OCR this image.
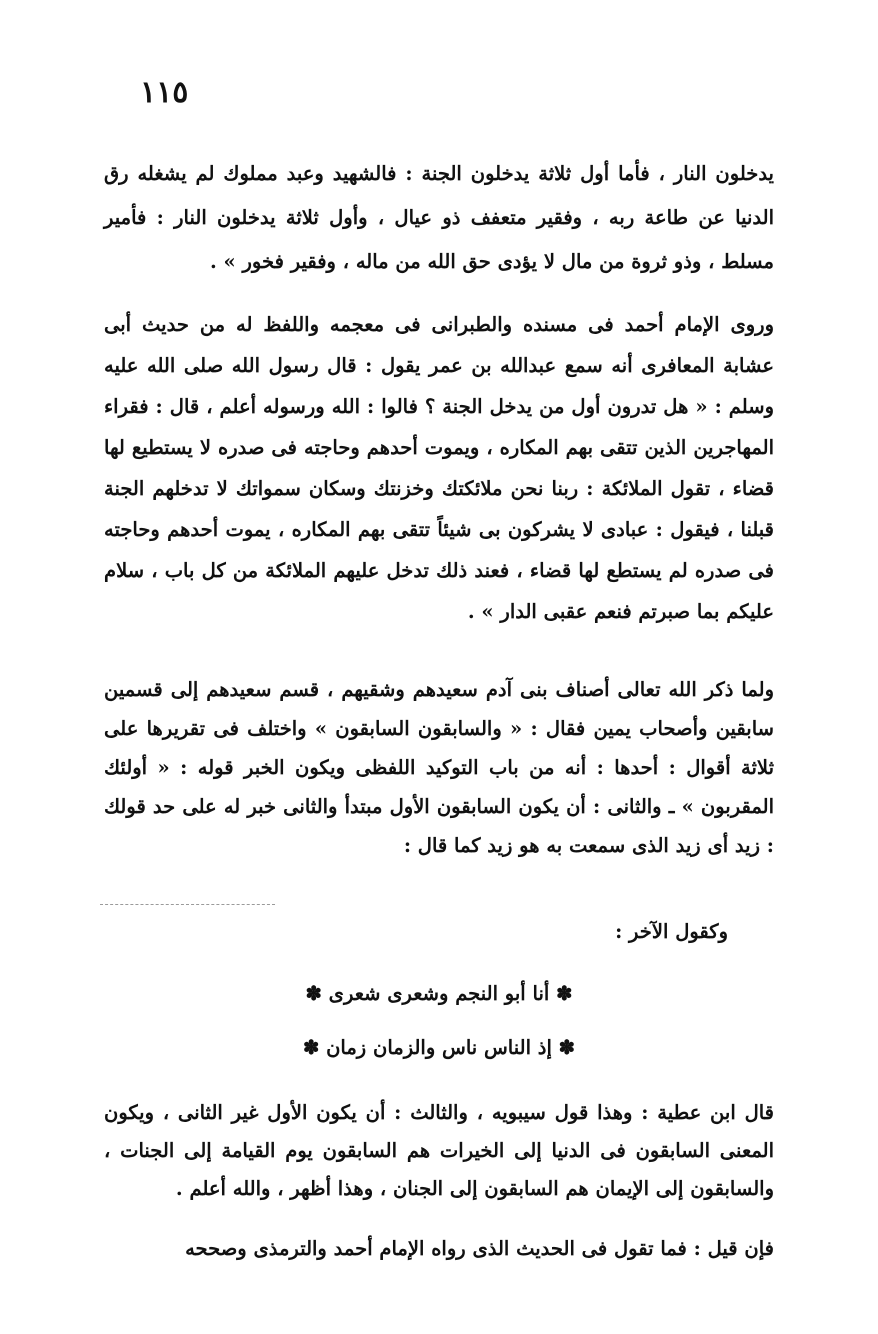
١١٥

يدخلون النار ، فأما أول ثلاثة يدخلون الجنة : فالشهيد وعبد مملوك لم يشغله رق الدنيا عن طاعة ربه ، وفقير متعفف ذو عيال ، وأول ثلاثة يدخلون النار : فأمير مسلط ، وذو ثروة من مال لا يؤدى حق الله من ماله ، وفقير فخور » .

وروى الإمام أحمد فى مسنده والطبرانى فى معجمه واللفظ له من حديث أبى عشابة المعافرى أنه سمع عبدالله بن عمر يقول : قال رسول الله صلى الله عليه وسلم : « هل تدرون أول من يدخل الجنة ؟ فالوا : الله ورسوله أعلم ، قال : فقراء المهاجرين الذين تتقى بهم المكاره ، ويموت أحدهم وحاجته فى صدره لا يستطيع لها قضاء ، تقول الملائكة : ربنا نحن ملائكتك وخزنتك وسكان سمواتك لا تدخلهم الجنة قبلنا ، فيقول : عبادى لا يشركون بى شيئاً تتقى بهم المكاره ، يموت أحدهم وحاجته فى صدره لم يستطع لها قضاء ، فعند ذلك تدخل عليهم الملائكة من كل باب ، سلام عليكم بما صبرتم فنعم عقبى الدار » .

ولما ذكر الله تعالى أصناف بنى آدم سعيدهم وشقيهم ، قسم سعيدهم إلى قسمين سابقين وأصحاب يمين فقال : « والسابقون السابقون » واختلف فى تقريرها على ثلاثة أقوال : أحدها : أنه من باب التوكيد اللفظى ويكون الخبر قوله : « أولئك المقربون » ـ والثانى : أن يكون السابقون الأول مبتدأ والثانى خبر له على حد قولك : زيد أى زيد الذى سمعت به هو زيد كما قال :

وكقول الآخر :
✽ أنا أبو النجم وشعرى شعرى ✽
✽ إذ الناس ناس والزمان زمان ✽

قال ابن عطية : وهذا قول سيبويه ، والثالث : أن يكون الأول غير الثانى ، ويكون المعنى السابقون فى الدنيا إلى الخيرات هم السابقون يوم القيامة إلى الجنات ، والسابقون إلى الإيمان هم السابقون إلى الجنان ، وهذا أظهر ، والله أعلم .

فإن قيل : فما تقول فى الحديث الذى رواه الإمام أحمد والترمذى وصححه
